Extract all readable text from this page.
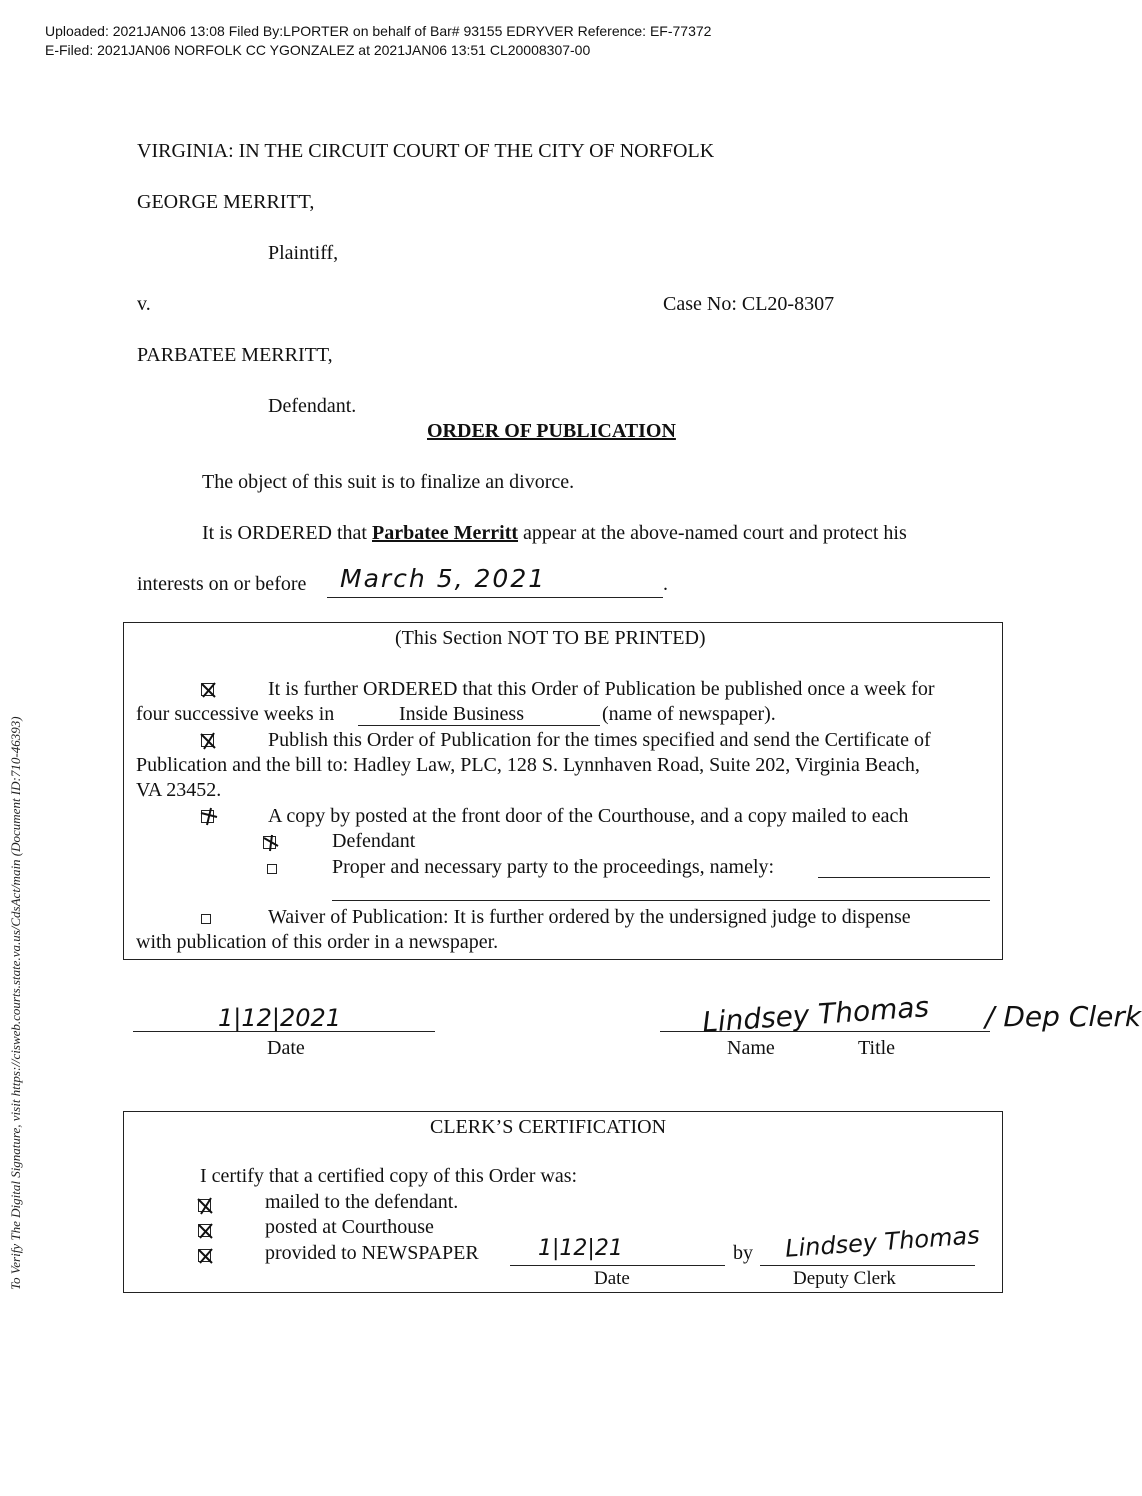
Uploaded: 2021JAN06 13:08 Filed By:LPORTER on behalf of Bar# 93155 EDRYVER Reference: EF-77372
E-Filed: 2021JAN06 NORFOLK CC YGONZALEZ at 2021JAN06 13:51 CL20008307-00
To Verify The Digital Signature, visit https://cisweb.courts.state.va.us/CdsAct/main (Document ID:710-46393)
VIRGINIA: IN THE CIRCUIT COURT OF THE CITY OF NORFOLK
GEORGE MERRITT,
Plaintiff,
v.	Case No: CL20-8307
PARBATEE MERRITT,
Defendant.
ORDER OF PUBLICATION
The object of this suit is to finalize an divorce.
It is ORDERED that Parbatee Merritt appear at the above-named court and protect his
interests on or before March 5, 2021	.
(This Section NOT TO BE PRINTED)
It is further ORDERED that this Order of Publication be published once a week for
four successive weeks in	Inside Business	(name of newspaper).
Publish this Order of Publication for the times specified and send the Certificate of
Publication and the bill to: Hadley Law, PLC, 128 S. Lynnhaven Road, Suite 202, Virginia Beach,
VA 23452.
A copy by posted at the front door of the Courthouse, and a copy mailed to each
Defendant
Proper and necessary party to the proceedings, namely:
Waiver of Publication: It is further ordered by the undersigned judge to dispense
with publication of this order in a newspaper.
1|12|2021
Date
Lindsey Thomas / Dep Clerk
Name	Title
CLERK’S CERTIFICATION
I certify that a certified copy of this Order was:
mailed to the defendant.
posted at Courthouse
provided to NEWSPAPER	1|12|21
Date
by Lindsey Thomas
Deputy Clerk
